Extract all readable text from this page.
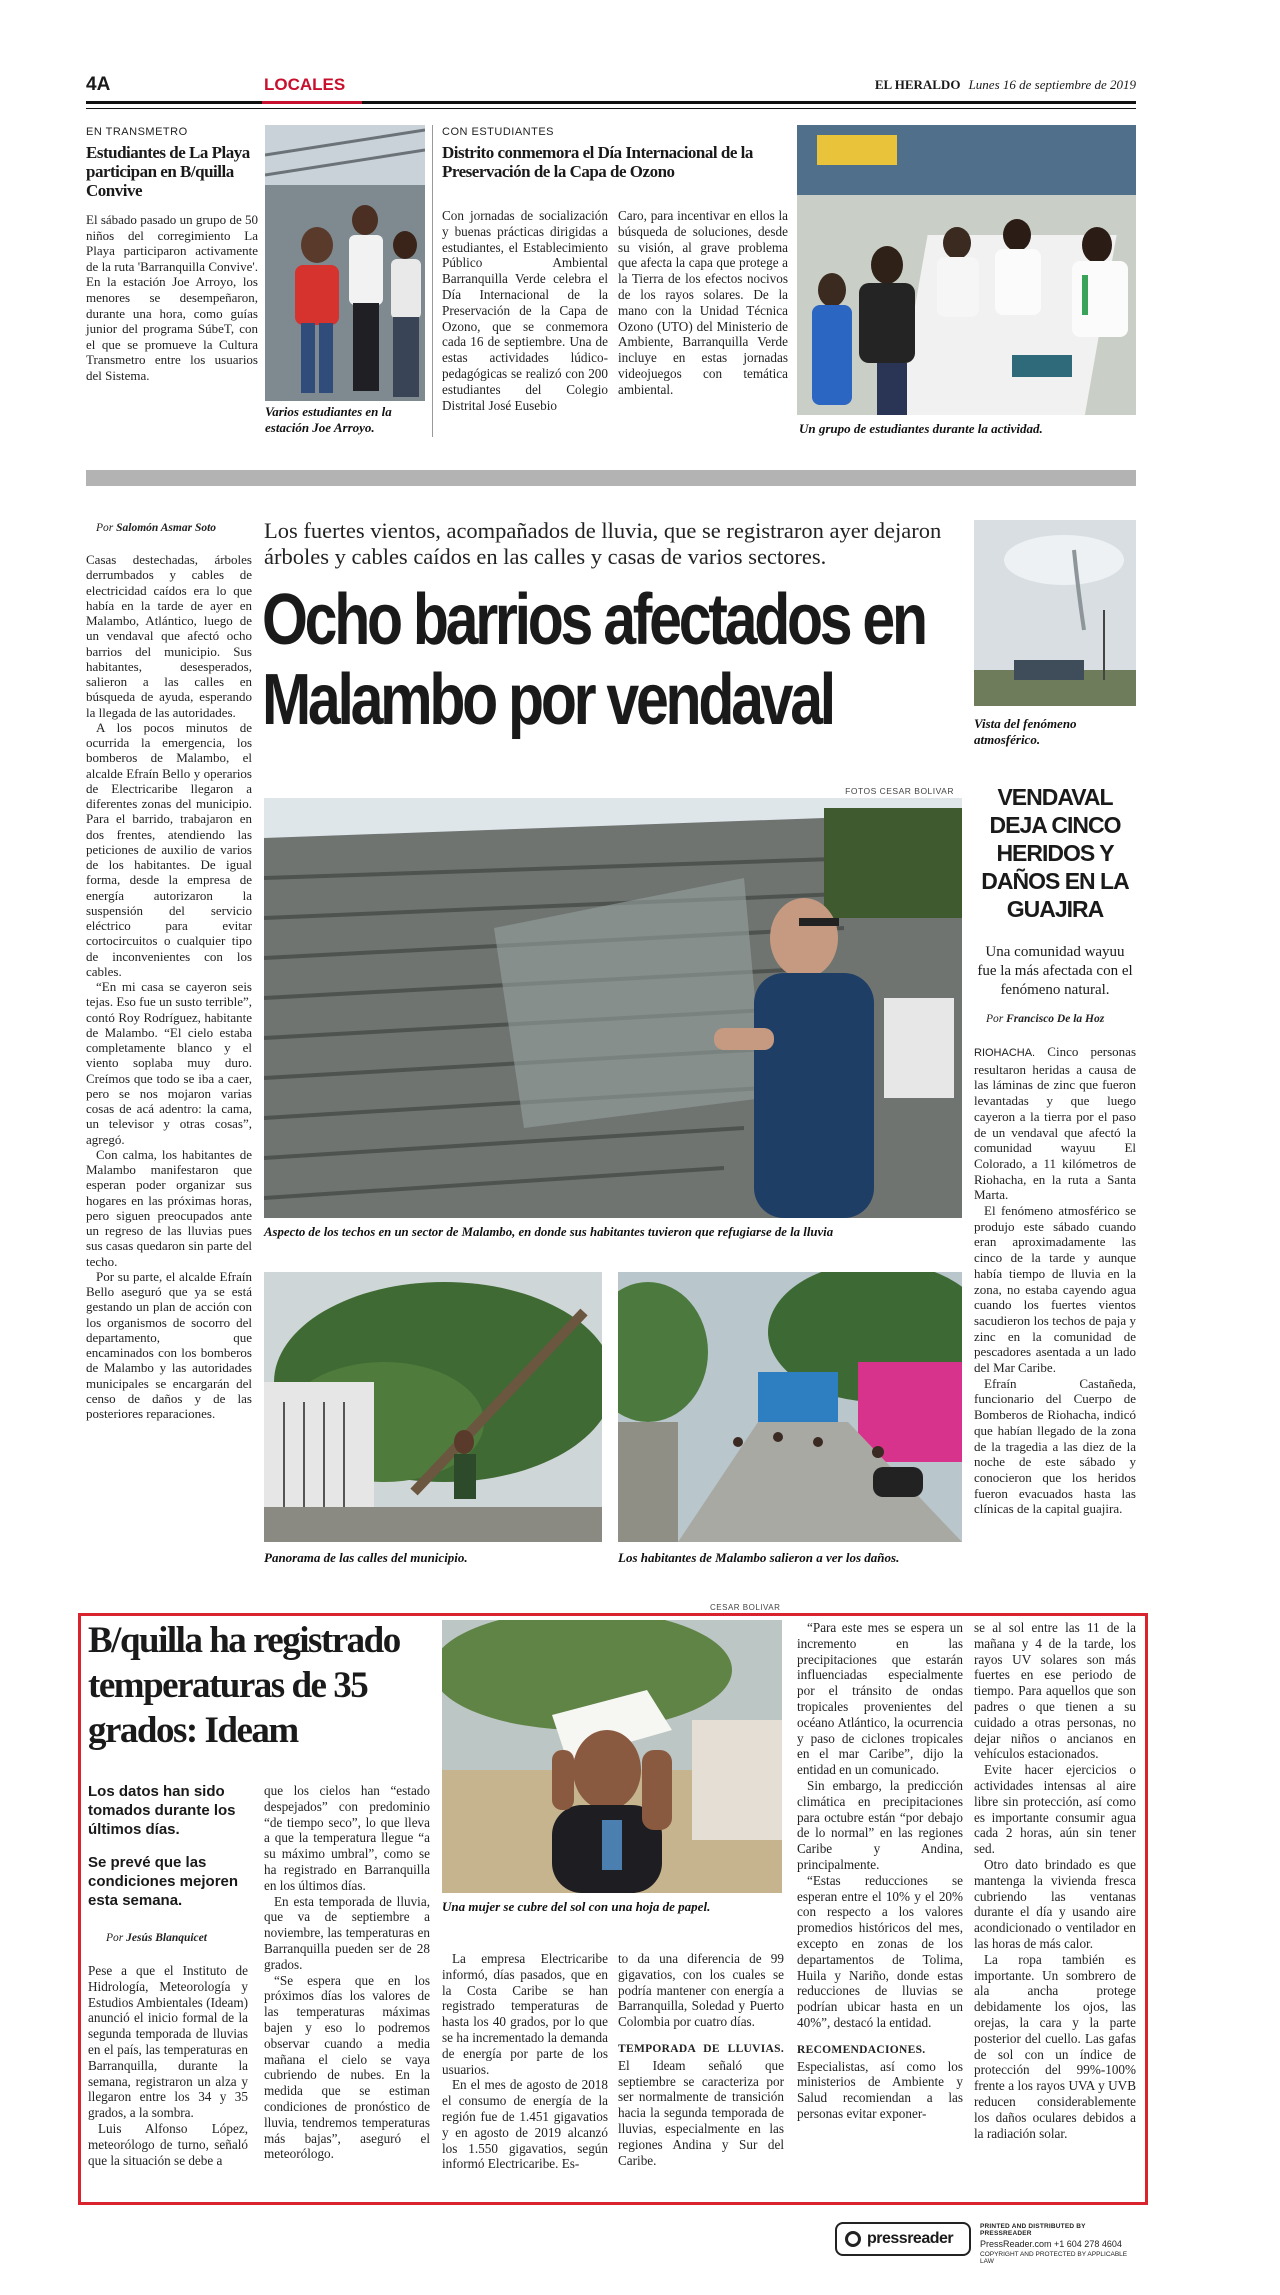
4A	LOCALES	EL HERALDO Lunes 16 de septiembre de 2019
EN TRANSMETRO
Estudiantes de La Playa participan en B/quilla Convive
El sábado pasado un grupo de 50 niños del corregimiento La Playa participaron activamente de la ruta 'Barranquilla Convive'. En la estación Joe Arroyo, los menores se desempeñaron, durante una hora, como guías junior del programa SúbeT, con el que se promueve la Cultura Transmetro entre los usuarios del Sistema.
Varios estudiantes en la estación Joe Arroyo.
CON ESTUDIANTES
Distrito conmemora el Día Internacional de la Preservación de la Capa de Ozono
Con jornadas de socialización y buenas prácticas dirigidas a estudiantes, el Establecimiento Público Ambiental Barranquilla Verde celebra el Día Internacional de la Preservación de la Capa de Ozono, que se conmemora cada 16 de septiembre. Una de estas actividades lúdico-pedagógicas se realizó con 200 estudiantes del Colegio Distrital José Eusebio
Caro, para incentivar en ellos la búsqueda de soluciones, desde su visión, al grave problema que afecta la capa que protege a la Tierra de los efectos nocivos de los rayos solares. De la mano con la Unidad Técnica Ozono (UTO) del Ministerio de Ambiente, Barranquilla Verde incluye en estas jornadas videojuegos con temática ambiental.
Un grupo de estudiantes durante la actividad.
Por Salomón Asmar Soto

Casas destechadas, árboles derrumbados y cables de electricidad caídos era lo que había en la tarde de ayer en Malambo, Atlántico, luego de un vendaval que afectó ocho barrios del municipio. Sus habitantes, desesperados, salieron a las calles en búsqueda de ayuda, esperando la llegada de las autoridades.

A los pocos minutos de ocurrida la emergencia, los bomberos de Malambo, el alcalde Efraín Bello y operarios de Electricaribe llegaron a diferentes zonas del municipio. Para el barrido, trabajaron en dos frentes, atendiendo las peticiones de auxilio de varios de los habitantes. De igual forma, desde la empresa de energía autorizaron la suspensión del servicio eléctrico para evitar cortocircuitos o cualquier tipo de inconvenientes con los cables.

“En mi casa se cayeron seis tejas. Eso fue un susto terrible”, contó Roy Rodríguez, habitante de Malambo. “El cielo estaba completamente blanco y el viento soplaba muy duro. Creímos que todo se iba a caer, pero se nos mojaron varias cosas de acá adentro: la cama, un televisor y otras cosas”, agregó.

Con calma, los habitantes de Malambo manifestaron que esperan poder organizar sus hogares en las próximas horas, pero siguen preocupados ante un regreso de las lluvias pues sus casas quedaron sin parte del techo.

Por su parte, el alcalde Efraín Bello aseguró que ya se está gestando un plan de acción con los organismos de socorro del departamento, que encaminados con los bomberos de Malambo y las autoridades municipales se encargarán del censo de daños y de las posteriores reparaciones.

Los fuertes vientos, acompañados de lluvia, que se registraron ayer dejaron árboles y cables caídos en las calles y casas de varios sectores.
Ocho barrios afectados en Malambo por vendaval
FOTOS CESAR BOLIVAR
Aspecto de los techos en un sector de Malambo, en donde sus habitantes tuvieron que refugiarse de la lluvia
Panorama de las calles del municipio.	Los habitantes de Malambo salieron a ver los daños.
CESAR BOLIVAR
Vista del fenómeno atmosférico.
VENDAVAL DEJA CINCO HERIDOS Y DAÑOS EN LA GUAJIRA
Una comunidad wayuu fue la más afectada con el fenómeno natural.
Por Francisco De la Hoz

RIOHACHA. Cinco personas resultaron heridas a causa de las láminas de zinc que fueron levantadas y que luego cayeron a la tierra por el paso de un vendaval que afectó la comunidad wayuu El Colorado, a 11 kilómetros de Riohacha, en la ruta a Santa Marta.

El fenómeno atmosférico se produjo este sábado cuando eran aproximadamente las cinco de la tarde y aunque había tiempo de lluvia en la zona, no estaba cayendo agua cuando los fuertes vientos sacudieron los techos de paja y zinc en la comunidad de pescadores asentada a un lado del Mar Caribe.

Efraín Castañeda, funcionario del Cuerpo de Bomberos de Riohacha, indicó que habían llegado de la zona de la tragedia a las diez de la noche de este sábado y conocieron que los heridos fueron evacuados hasta las clínicas de la capital guajira.

B/quilla ha registrado temperaturas de 35 grados: Ideam
Los datos han sido tomados durante los últimos días.
Se prevé que las condiciones mejoren esta semana.
Por Jesús Blanquicet

Pese a que el Instituto de Hidrología, Meteorología y Estudios Ambientales (Ideam) anunció el inicio formal de la segunda temporada de lluvias en el país, las temperaturas en Barranquilla, durante la semana, registraron un alza y llegaron entre los 34 y 35 grados, a la sombra.

Luis Alfonso López, meteorólogo de turno, señaló que la situación se debe a

que los cielos han “estado despejados” con predominio “de tiempo seco”, lo que lleva a que la temperatura llegue “a su máximo umbral”, como se ha registrado en Barranquilla en los últimos días.

En esta temporada de lluvia, que va de septiembre a noviembre, las temperaturas en Barranquilla pueden ser de 28 grados.

“Se espera que en los próximos días los valores de las temperaturas máximas bajen y eso lo podremos observar cuando a media mañana el cielo se vaya cubriendo de nubes. En la medida que se estiman condiciones de pronóstico de lluvia, tendremos temperaturas más bajas”, aseguró el meteorólogo.

Una mujer se cubre del sol con una hoja de papel.

La empresa Electricaribe informó, días pasados, que en la Costa Caribe se han registrado temperaturas de hasta los 40 grados, por lo que se ha incrementado la demanda de energía por parte de los usuarios.

En el mes de agosto de 2018 el consumo de energía de la región fue de 1.451 gigavatios y en agosto de 2019 alcanzó los 1.550 gigavatios, según informó Electricaribe. Es-

to da una diferencia de 99 gigavatios, con los cuales se podría mantener con energía a Barranquilla, Soledad y Puerto Colombia por cuatro días.

TEMPORADA DE LLUVIAS. El Ideam señaló que septiembre se caracteriza por ser normalmente de transición hacia la segunda temporada de lluvias, especialmente en las regiones Andina y Sur del Caribe.

“Para este mes se espera un incremento en las precipitaciones que estarán influenciadas especialmente por el tránsito de ondas tropicales provenientes del océano Atlántico, la ocurrencia y paso de ciclones tropicales en el mar Caribe”, dijo la entidad en un comunicado.

Sin embargo, la predicción climática en precipitaciones para octubre están “por debajo de lo normal” en las regiones Caribe y Andina, principalmente.

“Estas reducciones se esperan entre el 10% y el 20% con respecto a los valores promedios históricos del mes, excepto en zonas de los departamentos de Tolima, Huila y Nariño, donde estas reducciones de lluvias se podrían ubicar hasta en un 40%”, destacó la entidad.

RECOMENDACIONES. Especialistas, así como los ministerios de Ambiente y Salud recomiendan a las personas evitar exponer-

se al sol entre las 11 de la mañana y 4 de la tarde, los rayos UV solares son más fuertes en ese periodo de tiempo. Para aquellos que son padres o que tienen a su cuidado a otras personas, no dejar niños o ancianos en vehículos estacionados.

Evite hacer ejercicios o actividades intensas al aire libre sin protección, así como es importante consumir agua cada 2 horas, aún sin tener sed.

Otro dato brindado es que mantenga la vivienda fresca cubriendo las ventanas durante el día y usando aire acondicionado o ventilador en las horas de más calor.

La ropa también es importante. Un sombrero de ala ancha protege debidamente los ojos, las orejas, la cara y la parte posterior del cuello. Las gafas de sol con un índice de protección del 99%-100% frente a los rayos UVA y UVB reducen considerablemente los daños oculares debidos a la radiación solar.

pressreader
PRINTED AND DISTRIBUTED BY PRESSREADER
PressReader.com +1 604 278 4604
COPYRIGHT AND PROTECTED BY APPLICABLE LAW
